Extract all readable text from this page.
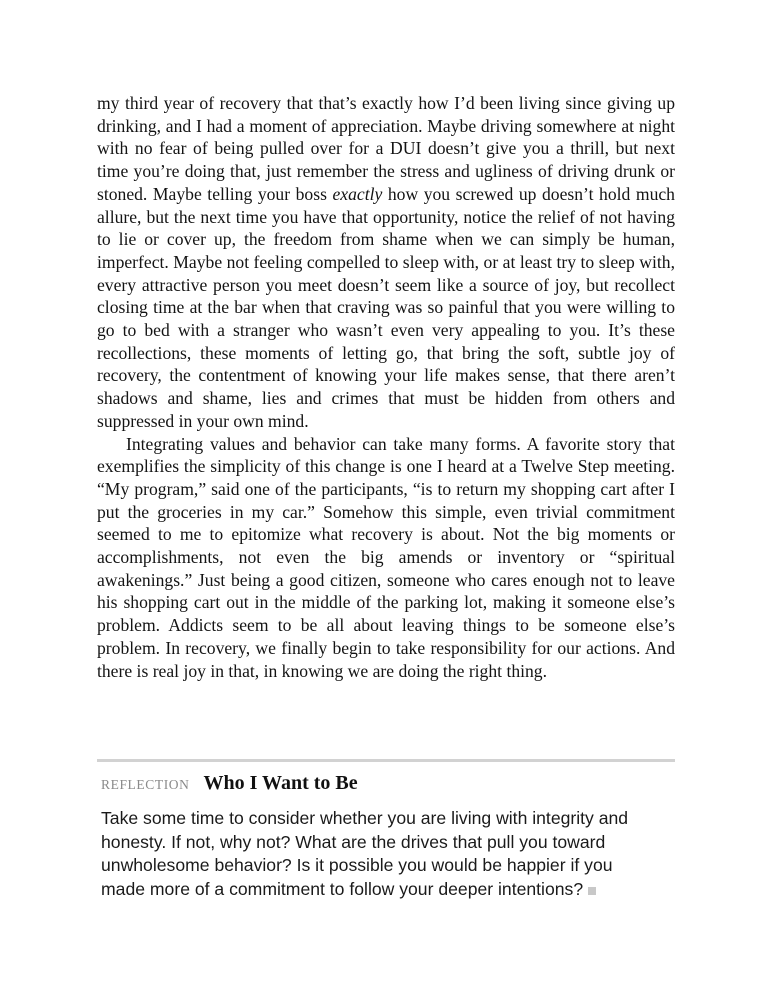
my third year of recovery that that’s exactly how I’d been living since giving up drinking, and I had a moment of appreciation. Maybe driving somewhere at night with no fear of being pulled over for a DUI doesn’t give you a thrill, but next time you’re doing that, just remember the stress and ugliness of driving drunk or stoned. Maybe telling your boss exactly how you screwed up doesn’t hold much allure, but the next time you have that opportunity, notice the relief of not having to lie or cover up, the freedom from shame when we can simply be human, imperfect. Maybe not feeling compelled to sleep with, or at least try to sleep with, every attractive person you meet doesn’t seem like a source of joy, but recollect closing time at the bar when that craving was so painful that you were willing to go to bed with a stranger who wasn’t even very appealing to you. It’s these recollections, these moments of letting go, that bring the soft, subtle joy of recovery, the contentment of knowing your life makes sense, that there aren’t shadows and shame, lies and crimes that must be hidden from others and suppressed in your own mind.

Integrating values and behavior can take many forms. A favorite story that exemplifies the simplicity of this change is one I heard at a Twelve Step meeting. “My program,” said one of the participants, “is to return my shopping cart after I put the groceries in my car.” Somehow this simple, even trivial commitment seemed to me to epitomize what recovery is about. Not the big moments or accomplishments, not even the big amends or inventory or “spiritual awakenings.” Just being a good citizen, someone who cares enough not to leave his shopping cart out in the middle of the parking lot, making it someone else’s problem. Addicts seem to be all about leaving things to be someone else’s problem. In recovery, we finally begin to take responsibility for our actions. And there is real joy in that, in knowing we are doing the right thing.

REFLECTION Who I Want to Be

Take some time to consider whether you are living with integrity and honesty. If not, why not? What are the drives that pull you toward unwholesome behavior? Is it possible you would be happier if you made more of a commitment to follow your deeper intentions?
